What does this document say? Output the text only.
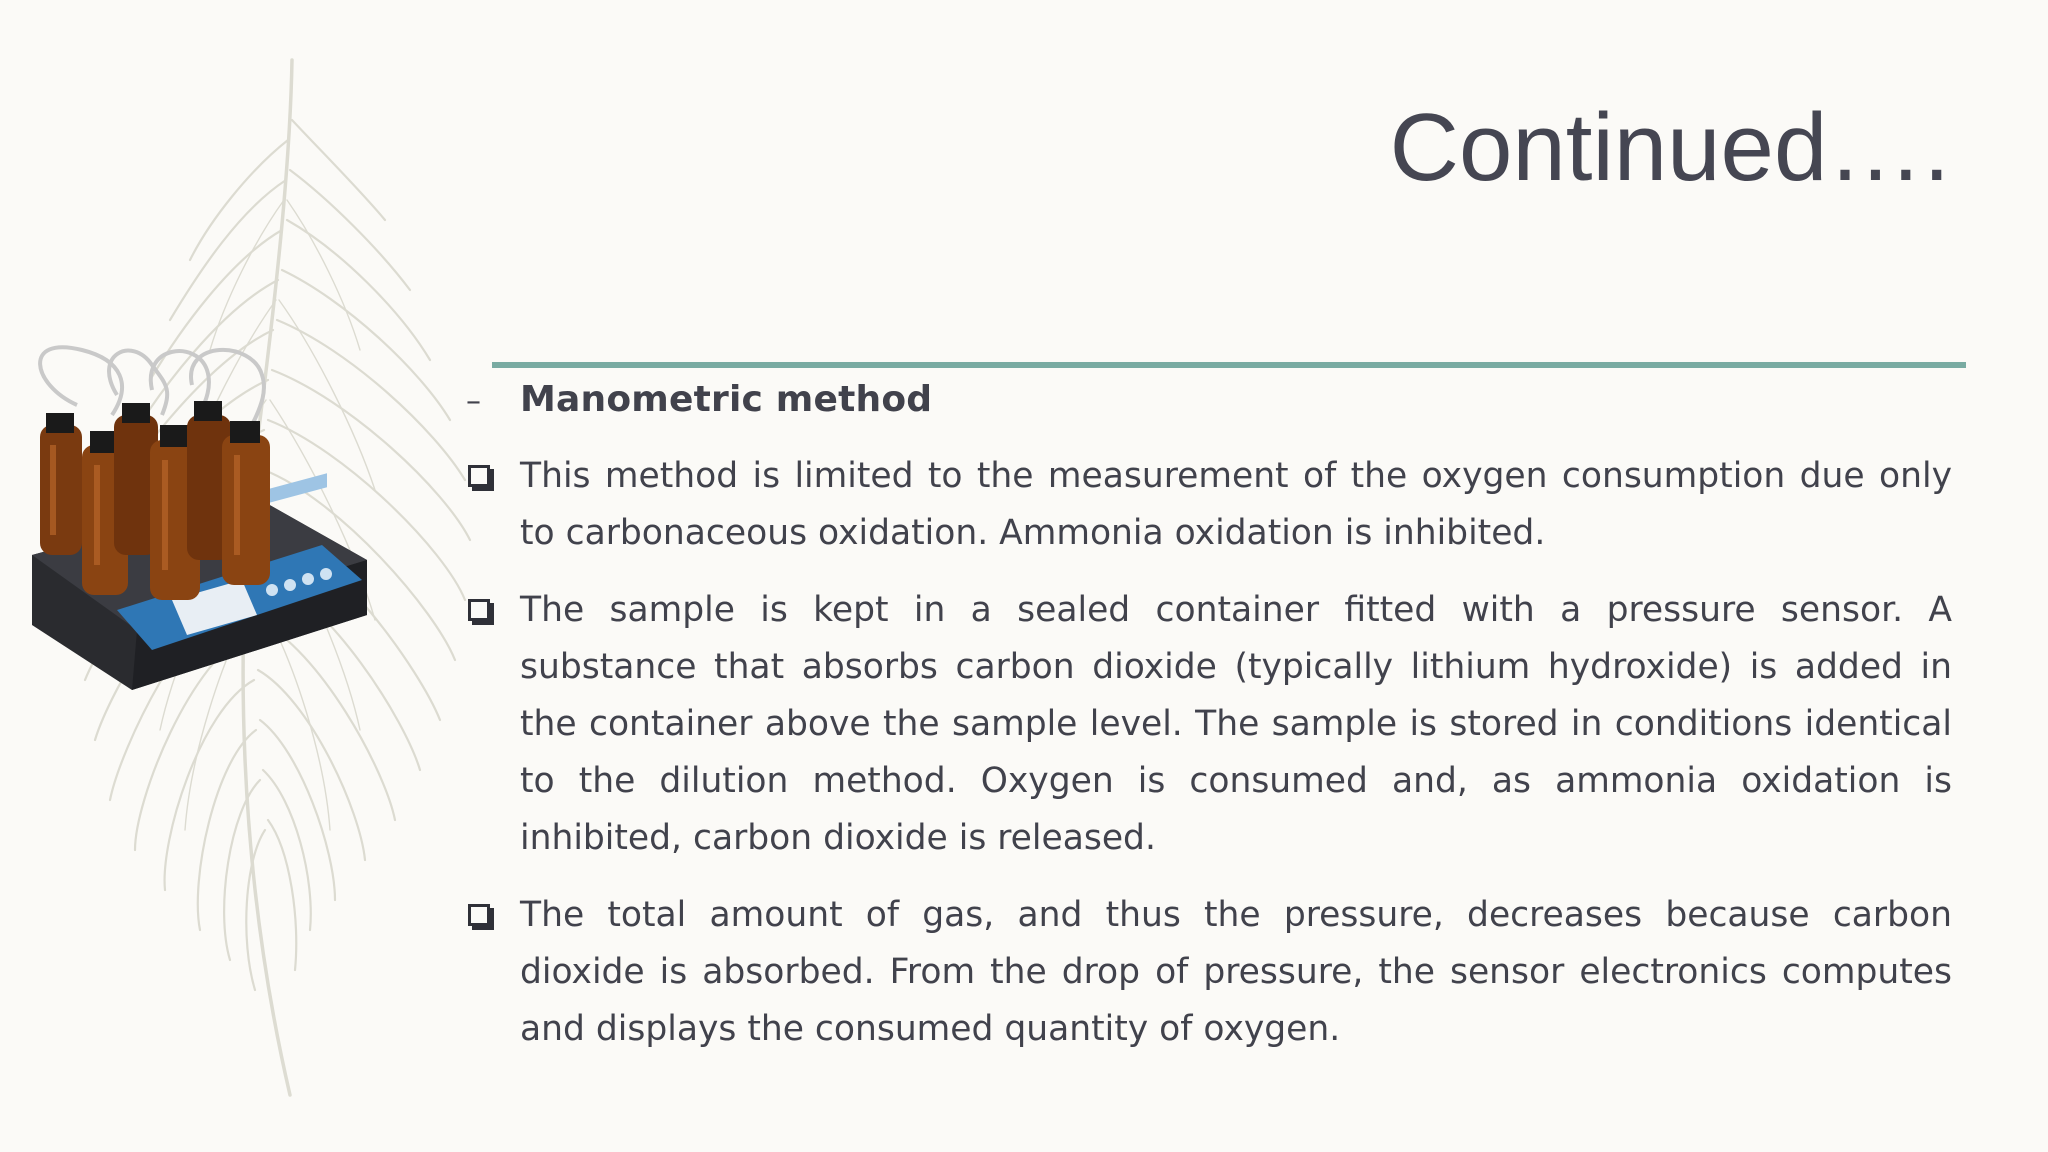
Continued….
– Manometric method
This method is limited to the measurement of the oxygen consumption due only to carbonaceous oxidation. Ammonia oxidation is inhibited.
The sample is kept in a sealed container fitted with a pressure sensor. A substance that absorbs carbon dioxide (typically lithium hydroxide) is added in the container above the sample level. The sample is stored in conditions identical to the dilution method. Oxygen is consumed and, as ammonia oxidation is inhibited, carbon dioxide is released.
The total amount of gas, and thus the pressure, decreases because carbon dioxide is absorbed. From the drop of pressure, the sensor electronics computes and displays the consumed quantity of oxygen.
